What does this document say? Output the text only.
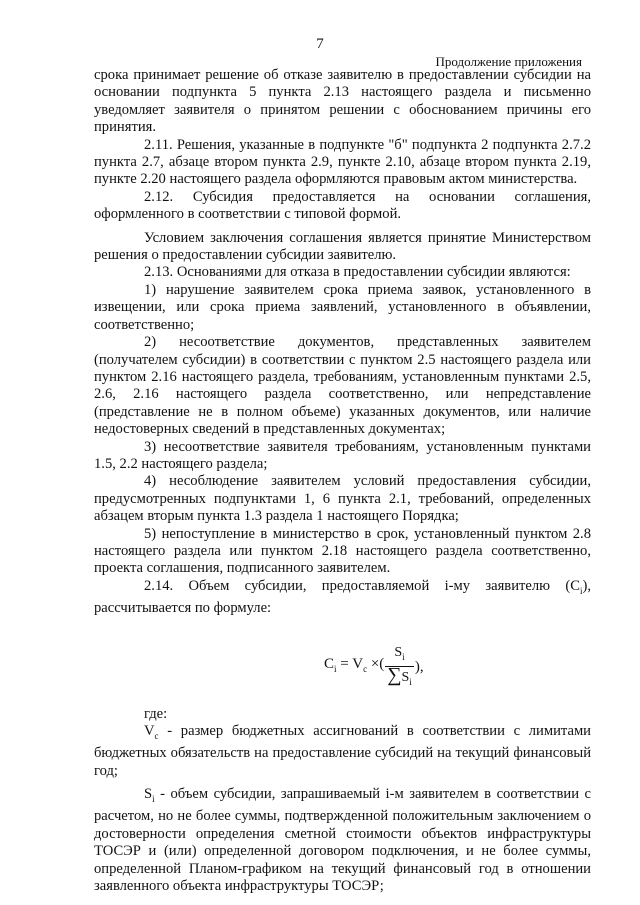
7
Продолжение приложения

срока принимает решение об отказе заявителю в предоставлении субсидии на основании подпункта 5 пункта 2.13 настоящего раздела и письменно уведомляет заявителя о принятом решении с обоснованием причины его принятия.

2.11. Решения, указанные в подпункте "б" подпункта 2 подпункта 2.7.2 пункта 2.7, абзаце втором пункта 2.9, пункте 2.10, абзаце втором пункта 2.19, пункте 2.20 настоящего раздела оформляются правовым актом министерства.

2.12. Субсидия предоставляется на основании соглашения, оформленного в соответствии с типовой формой.

Условием заключения соглашения является принятие Министерством решения о предоставлении субсидии заявителю.

2.13. Основаниями для отказа в предоставлении субсидии являются:

1) нарушение заявителем срока приема заявок, установленного в извещении, или срока приема заявлений, установленного в объявлении, соответственно;

2) несоответствие документов, представленных заявителем (получателем субсидии) в соответствии с пунктом 2.5 настоящего раздела или пунктом 2.16 настоящего раздела, требованиям, установленным пунктами 2.5, 2.6, 2.16 настоящего раздела соответственно, или непредставление (представление не в полном объеме) указанных документов, или наличие недостоверных сведений в представленных документах;

3) несоответствие заявителя требованиям, установленным пунктами 1.5, 2.2 настоящего раздела;

4) несоблюдение заявителем условий предоставления субсидии, предусмотренных подпунктами 1, 6 пункта 2.1, требований, определенных абзацем вторым пункта 1.3 раздела 1 настоящего Порядка;

5) непоступление в министерство в срок, установленный пунктом 2.8 настоящего раздела или пунктом 2.18 настоящего раздела соответственно, проекта соглашения, подписанного заявителем.

2.14. Объем субсидии, предоставляемой i-му заявителю $(C_i)$, рассчитывается по формуле:

$C_i = V_c$ ×( $\frac{S_i}{\sum S_i}$ ),

где:

$V_с$ - размер бюджетных ассигнований в соответствии с лимитами бюджетных обязательств на предоставление субсидий на текущий финансовый год;

$S_i$ - объем субсидии, запрашиваемый i-м заявителем в соответствии с расчетом, но не более суммы, подтвержденной положительным заключением о достоверности определения сметной стоимости объектов инфраструктуры ТОСЭР и (или) определенной договором подключения, и не более суммы, определенной Планом-графиком на текущий финансовый год в отношении заявленного объекта инфраструктуры ТОСЭР;
